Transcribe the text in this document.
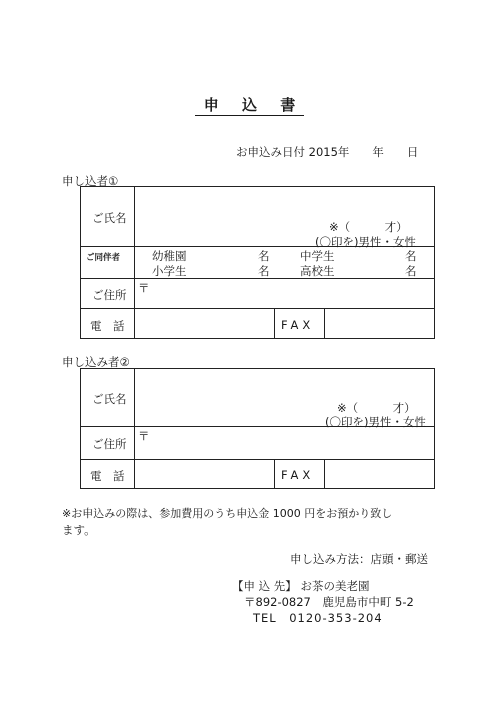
申 込 書
お申込み日付 2015年　　年　　日
申し込者①
ご氏名
※（　　　才）
(〇印を)男性・女性
ご同伴者	幼稚園	名	中学生	名
小学生	名	高校生	名
ご住所 〒
電　話	FAX
申し込み者②
ご氏名
※（　　　才）
(〇印を)男性・女性
ご住所
〒
電　話	FAX
※お申込みの際は、参加費用のうち申込金 1000 円をお預かり致し
ます。
申し込み方法：店頭・郵送
【申 込 先】 お茶の美老園
〒892-0827　鹿児島市中町 5-2
TEL　0120-353-204
